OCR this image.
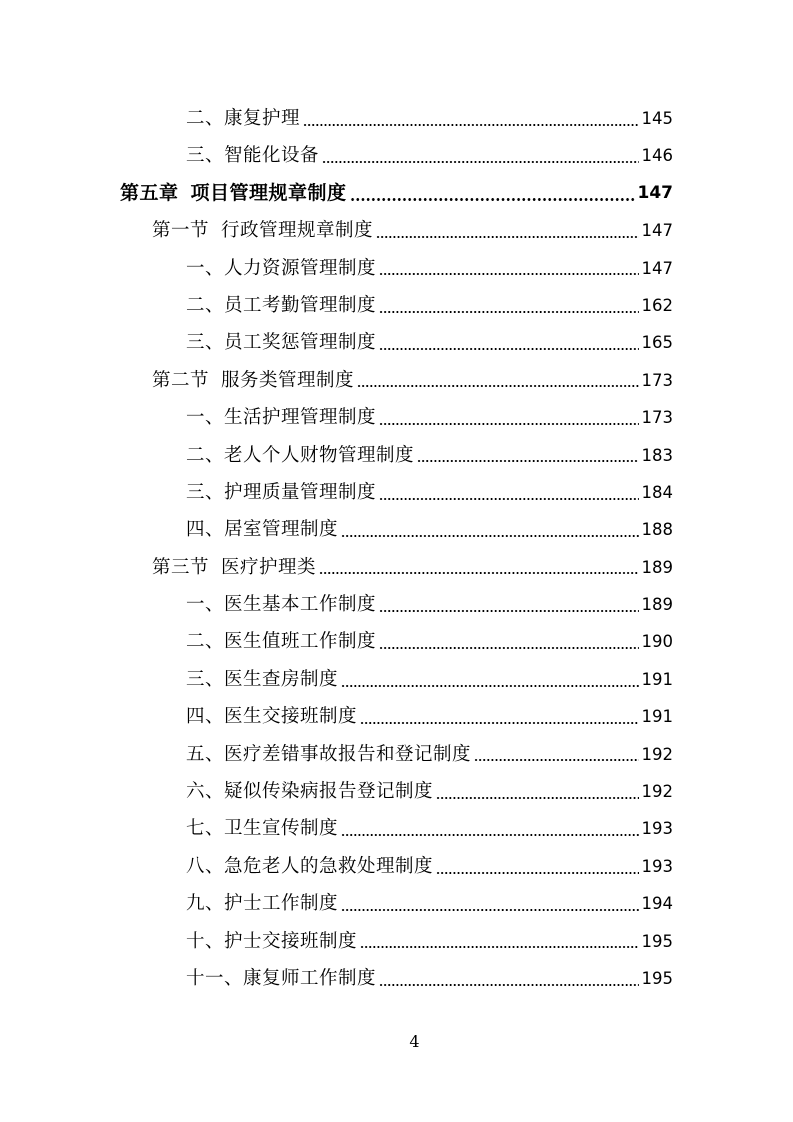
二、康复护理	145
三、智能化设备	146
第五章 项目管理规章制度	147
第一节 行政管理规章制度	147
一、人力资源管理制度	147
二、员工考勤管理制度	162
三、员工奖惩管理制度	165
第二节 服务类管理制度	173
一、生活护理管理制度	173
二、老人个人财物管理制度	183
三、护理质量管理制度	184
四、居室管理制度	188
第三节 医疗护理类	189
一、医生基本工作制度	189
二、医生值班工作制度	190
三、医生查房制度	191
四、医生交接班制度	191
五、医疗差错事故报告和登记制度	192
六、疑似传染病报告登记制度	192
七、卫生宣传制度	193
八、急危老人的急救处理制度	193
九、护士工作制度	194
十、护士交接班制度	195
十一、康复师工作制度	195
4
